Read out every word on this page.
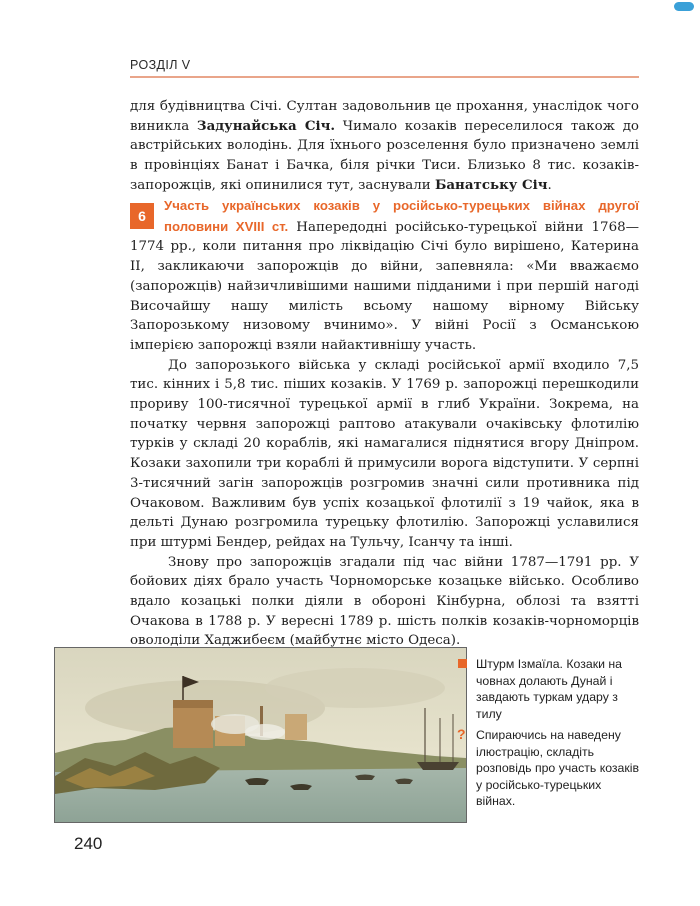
РОЗДІЛ V

для будівництва Січі. Султан задовольнив це прохання, унаслідок чого виникла Задунайська Січ. Чимало козаків переселилося також до австрійських володінь. Для їхнього розселення було призначено землі в провінціях Банат і Бачка, біля річки Тиси. Близько 8 тис. козаків-запорожців, які опинилися тут, заснували Банатську Січ.

6

Участь українських козаків у російсько-турецьких війнах другої половини XVIII ст. Напередодні російсько-турецької війни 1768—1774 рр., коли питання про ліквідацію Січі було вирішено, Катерина ІІ, закликаючи запорожців до війни, запевняла: «Ми вважаємо (запорожців) найзичливішими нашими підданими і при першій нагоді Височайшу нашу милість всьому нашому вірному Війську Запорозькому низовому вчинимо». У війні Росії з Османською імперією запорожці взяли найактивнішу участь.

До запорозького війська у складі російської армії входило 7,5 тис. кінних і 5,8 тис. піших козаків. У 1769 р. запорожці перешкодили прориву 100-тисячної турецької армії в глиб України. Зокрема, на початку червня запорожці раптово атакували очаківську флотилію турків у складі 20 кораблів, які намагалися піднятися вгору Дніпром. Козаки захопили три кораблі й примусили ворога відступити. У серпні 3-тисячний загін запорожців розгромив значні сили противника під Очаковом. Важливим був успіх козацької флотилії з 19 чайок, яка в дельті Дунаю розгромила турецьку флотилію. Запорожці уславилися при штурмі Бендер, рейдах на Тульчу, Ісанчу та інші.

Знову про запорожців згадали під час війни 1787—1791 рр. У бойових діях брало участь Чорноморське козацьке військо. Особливо вдало козацькі полки діяли в обороні Кінбурна, облозі та взятті Очакова в 1788 р. У вересні 1789 р. шість полків козаків-чорноморців оволоділи Хаджибеєм (майбутнє місто Одеса).

Штурм Ізмаїла. Козаки на човнах долають Дунай і завдають туркам удару з тилу
? Спираючись на наведену ілюстрацію, складіть розповідь про участь козаків у російсько-турецьких війнах.
240
